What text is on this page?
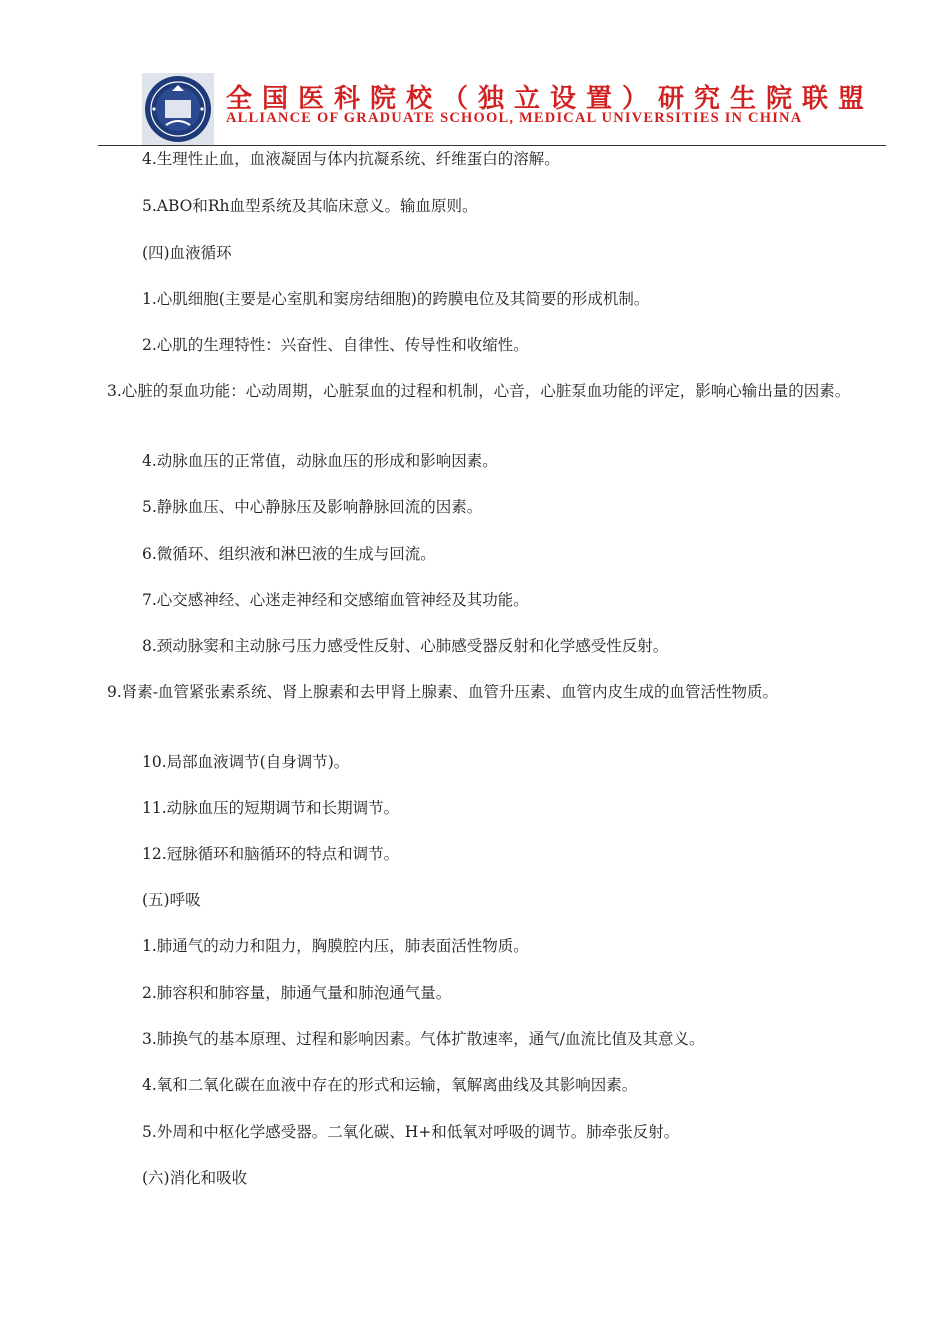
全国医科院校（独立设置）研究生院联盟
ALLIANCE OF GRADUATE SCHOOL, MEDICAL UNIVERSITIES IN CHINA

4.生理性止血，血液凝固与体内抗凝系统、纤维蛋白的溶解。

5.ABO和Rh血型系统及其临床意义。输血原则。

(四)血液循环

1.心肌细胞(主要是心室肌和窦房结细胞)的跨膜电位及其简要的形成机制。

2.心肌的生理特性：兴奋性、自律性、传导性和收缩性。

3.心脏的泵血功能：心动周期，心脏泵血的过程和机制，心音，心脏泵血功能的评定，影响心输出量的因素。

4.动脉血压的正常值，动脉血压的形成和影响因素。

5.静脉血压、中心静脉压及影响静脉回流的因素。

6.微循环、组织液和淋巴液的生成与回流。

7.心交感神经、心迷走神经和交感缩血管神经及其功能。

8.颈动脉窦和主动脉弓压力感受性反射、心肺感受器反射和化学感受性反射。

9.肾素-血管紧张素系统、肾上腺素和去甲肾上腺素、血管升压素、血管内皮生成的血管活性物质。

10.局部血液调节(自身调节)。

11.动脉血压的短期调节和长期调节。

12.冠脉循环和脑循环的特点和调节。

(五)呼吸

1.肺通气的动力和阻力，胸膜腔内压，肺表面活性物质。

2.肺容积和肺容量，肺通气量和肺泡通气量。

3.肺换气的基本原理、过程和影响因素。气体扩散速率，通气/血流比值及其意义。

4.氧和二氧化碳在血液中存在的形式和运输，氧解离曲线及其影响因素。

5.外周和中枢化学感受器。二氧化碳、H+和低氧对呼吸的调节。肺牵张反射。

(六)消化和吸收
